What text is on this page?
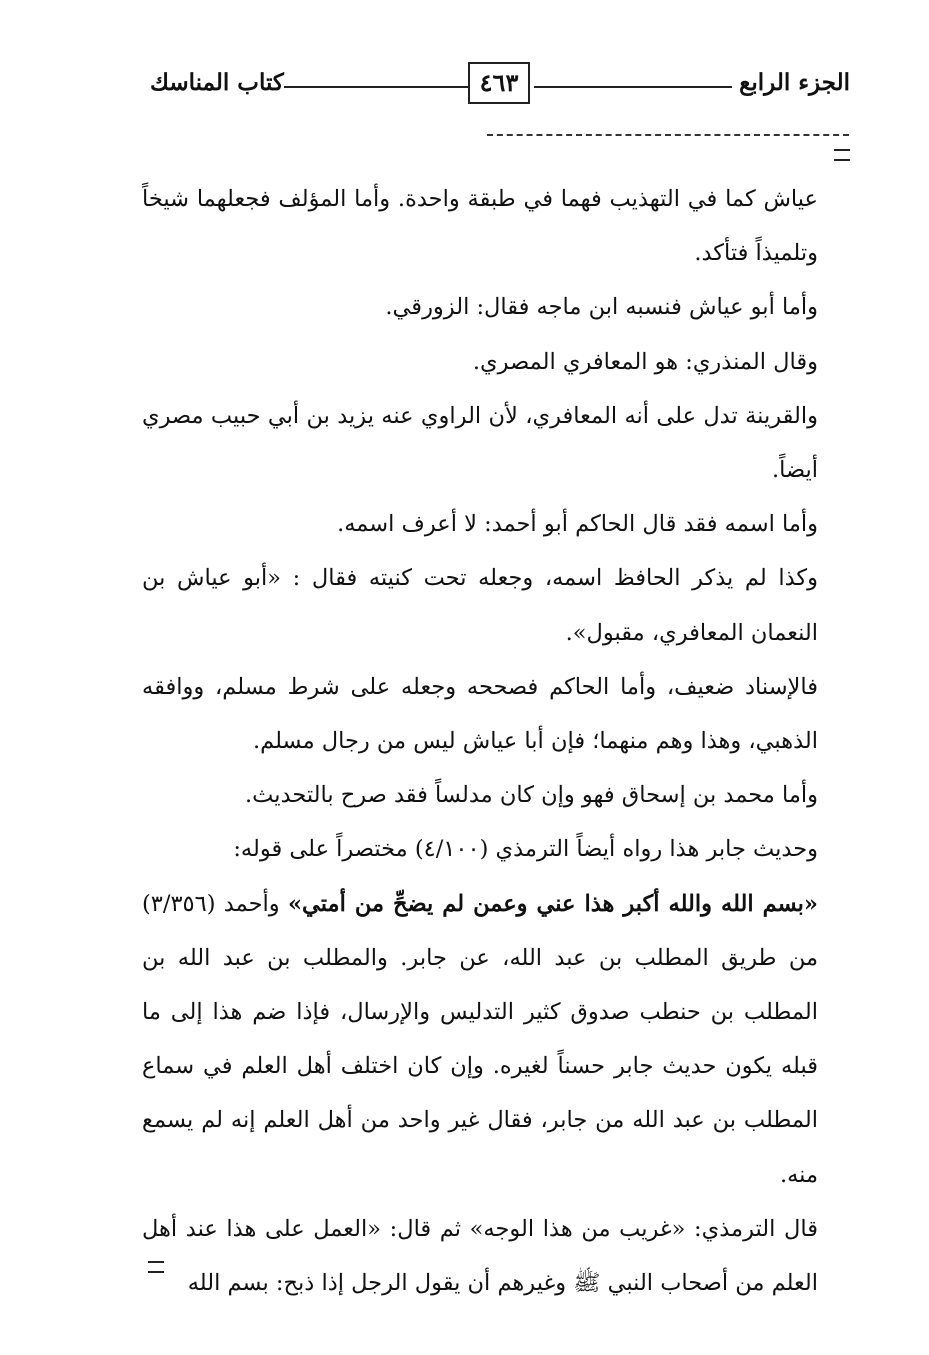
الجزء الرابع
٤٦٣
كتاب المناسك

عياش كما في التهذيب فهما في طبقة واحدة. وأما المؤلف فجعلهما شيخاً وتلميذاً فتأكد.

وأما أبو عياش فنسبه ابن ماجه فقال: الزورقي.

وقال المنذري: هو المعافري المصري.

والقرينة تدل على أنه المعافري، لأن الراوي عنه يزيد بن أبي حبيب مصري أيضاً.

وأما اسمه فقد قال الحاكم أبو أحمد: لا أعرف اسمه.

وكذا لم يذكر الحافظ اسمه، وجعله تحت كنيته فقال : «أبو عياش بن النعمان المعافري، مقبول».

فالإسناد ضعيف، وأما الحاكم فصححه وجعله على شرط مسلم، ووافقه الذهبي، وهذا وهم منهما؛ فإن أبا عياش ليس من رجال مسلم.

وأما محمد بن إسحاق فهو وإن كان مدلساً فقد صرح بالتحديث.

وحديث جابر هذا رواه أيضاً الترمذي (٤/١٠٠) مختصراً على قوله:

«بسم الله والله أكبر هذا عني وعمن لم يضحِّ من أمتي» وأحمد (٣/٣٥٦) من طريق المطلب بن عبد الله، عن جابر. والمطلب بن عبد الله بن المطلب بن حنطب صدوق كثير التدليس والإرسال، فإذا ضم هذا إلى ما قبله يكون حديث جابر حسناً لغيره. وإن كان اختلف أهل العلم في سماع المطلب بن عبد الله من جابر، فقال غير واحد من أهل العلم إنه لم يسمع منه.

قال الترمذي: «غريب من هذا الوجه» ثم قال: «العمل على هذا عند أهل العلم من أصحاب النبي ﷺ وغيرهم أن يقول الرجل إذا ذبح: بسم الله
